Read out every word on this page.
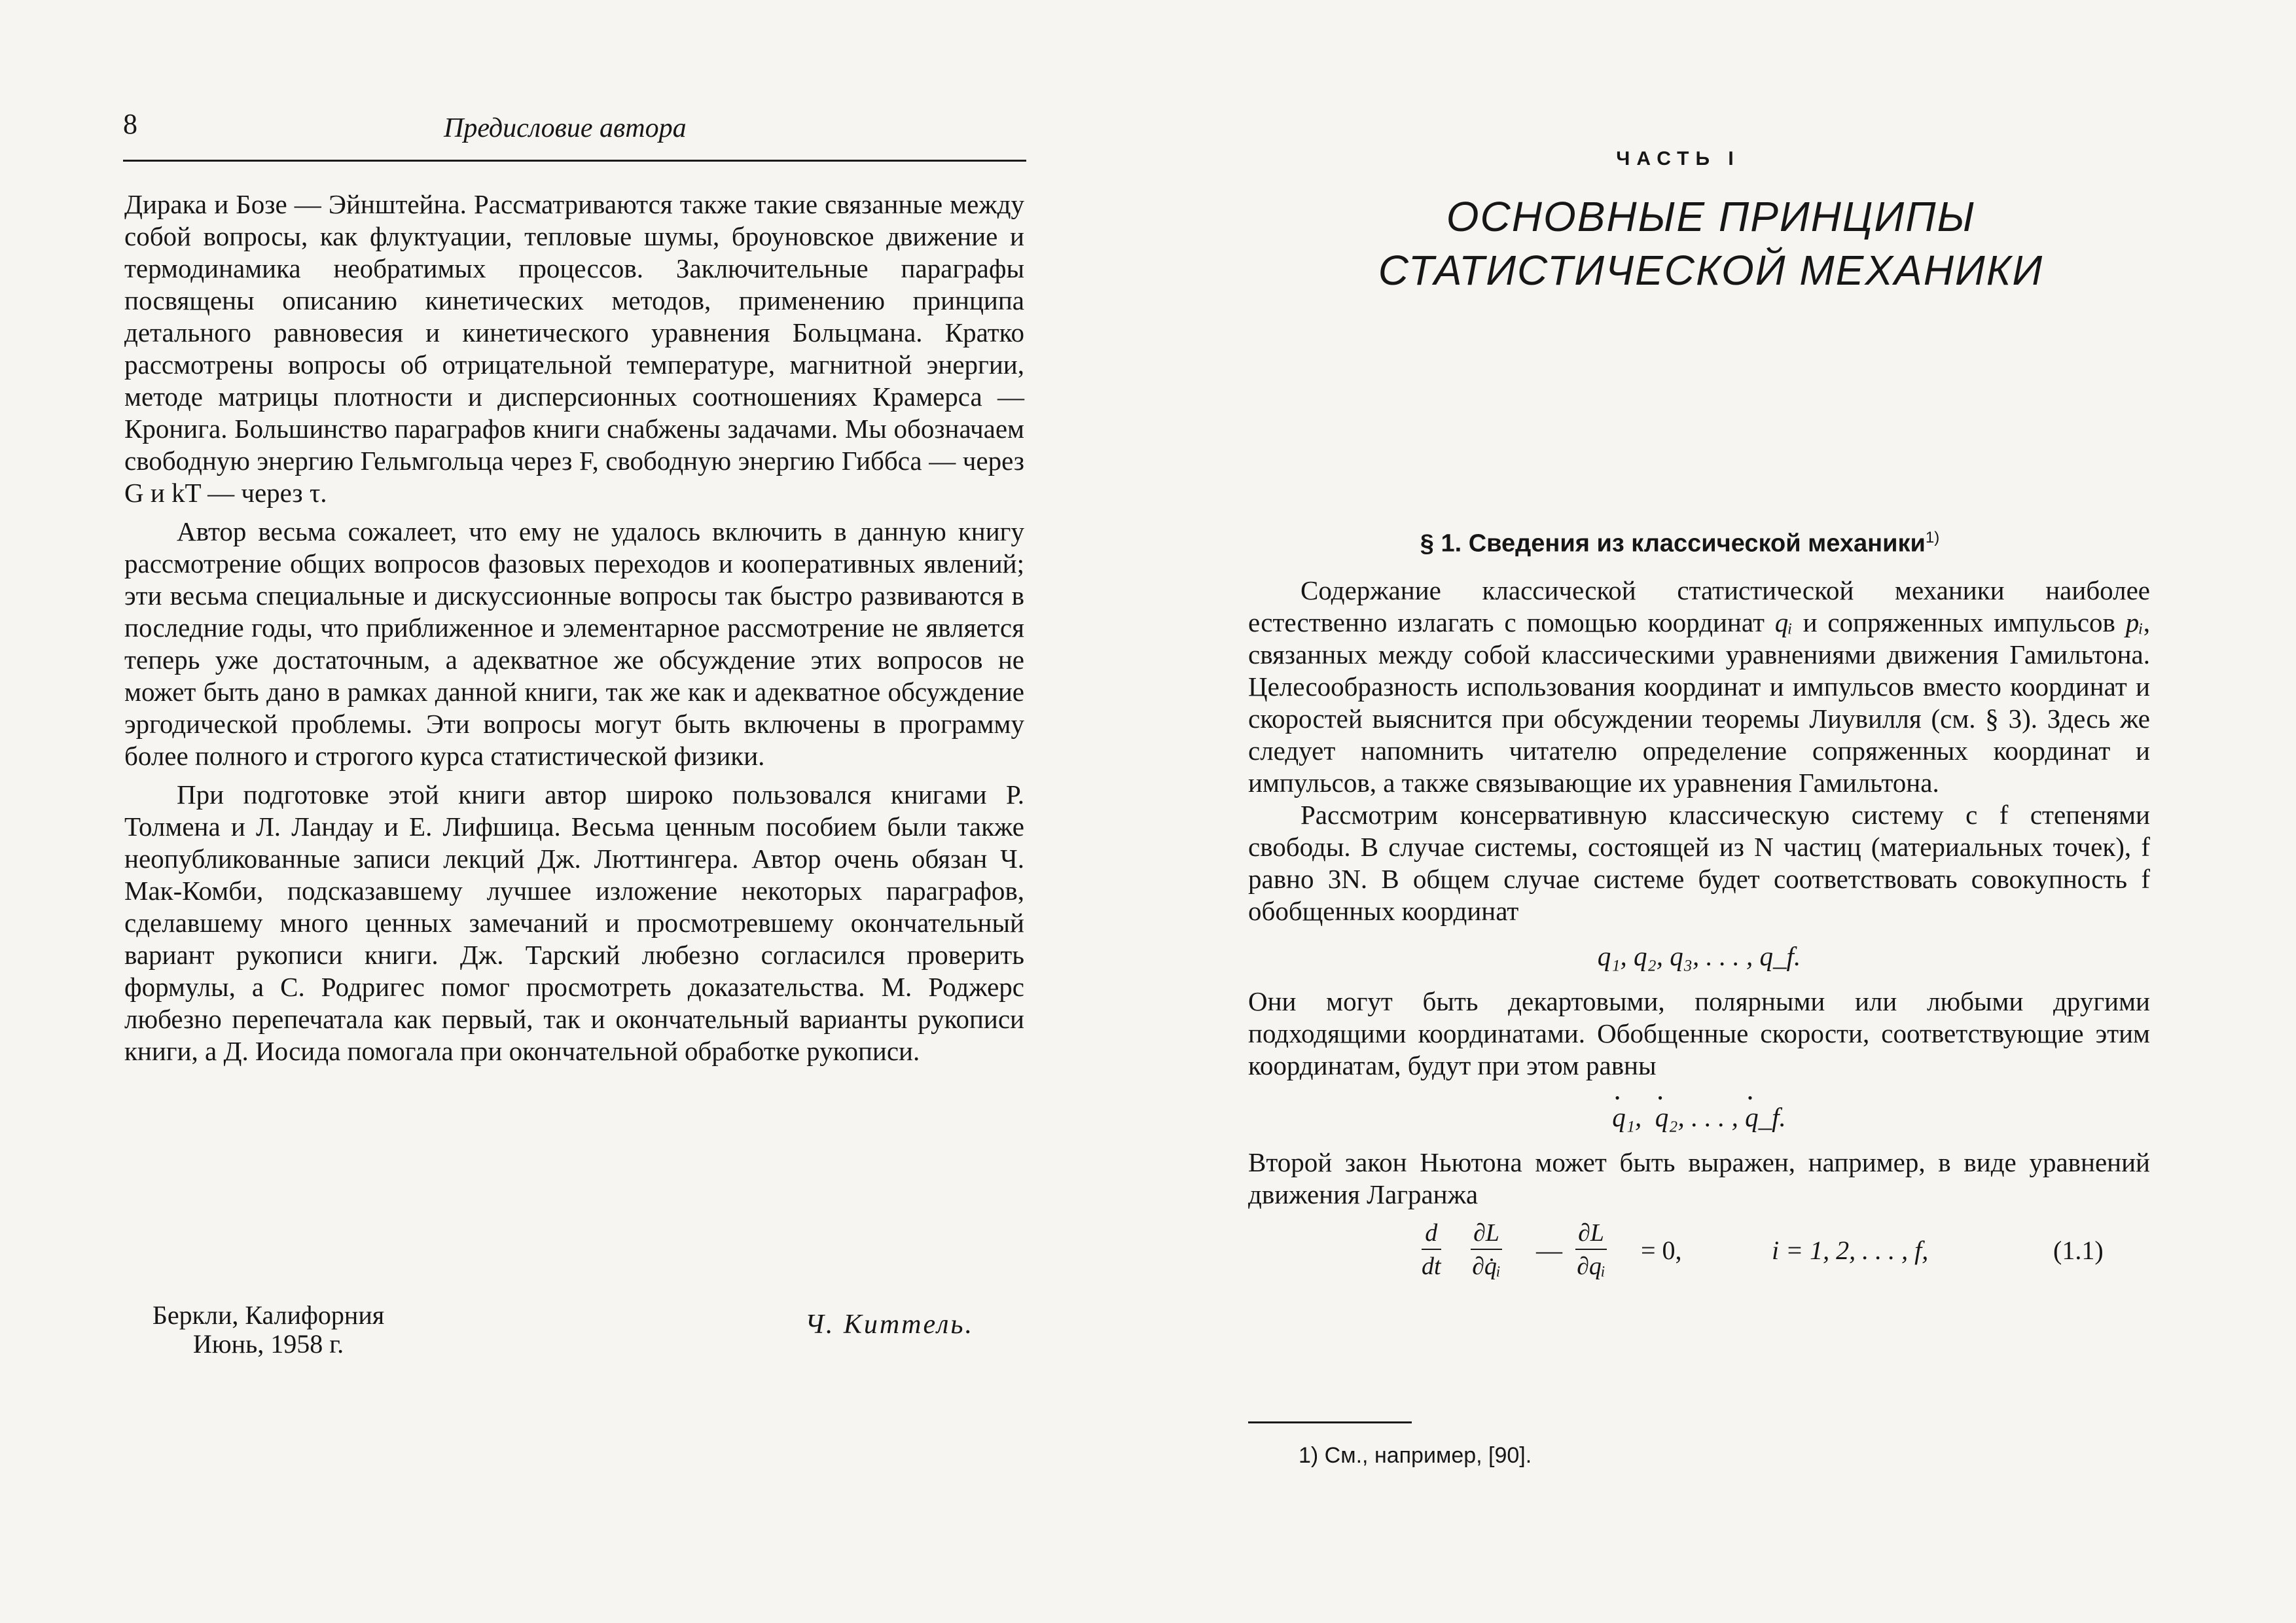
8	Предисловие автора

Дирака и Бозе — Эйнштейна. Рассматриваются также такие связанные между собой вопросы, как флуктуации, тепловые шумы, броуновское движение и термодинамика необратимых процессов. Заключительные параграфы посвящены описанию кинетических методов, применению принципа детального равновесия и кинетического уравнения Больцмана. Кратко рассмотрены вопросы об отрицательной температуре, магнитной энергии, методе матрицы плотности и дисперсионных соотношениях Крамерса — Кронига. Большинство параграфов книги снабжены задачами. Мы обозначаем свободную энергию Гельмгольца через F, свободную энергию Гиббса — через G и kT — через τ.

Автор весьма сожалеет, что ему не удалось включить в данную книгу рассмотрение общих вопросов фазовых переходов и кооперативных явлений; эти весьма специальные и дискуссионные вопросы так быстро развиваются в последние годы, что приближенное и элементарное рассмотрение не является теперь уже достаточным, а адекватное же обсуждение этих вопросов не может быть дано в рамках данной книги, так же как и адекватное обсуждение эргодической проблемы. Эти вопросы могут быть включены в программу более полного и строгого курса статистической физики.

При подготовке этой книги автор широко пользовался книгами Р. Толмена и Л. Ландау и Е. Лифшица. Весьма ценным пособием были также неопубликованные записи лекций Дж. Люттингера. Автор очень обязан Ч. Мак-Комби, подсказавшему лучшее изложение некоторых параграфов, сделавшему много ценных замечаний и просмотревшему окончательный вариант рукописи книги. Дж. Тарский любезно согласился проверить формулы, а С. Родригес помог просмотреть доказательства. М. Роджерс любезно перепечатала как первый, так и окончательный варианты рукописи книги, а Д. Иосида помогала при окончательной обработке рукописи.

Беркли, Калифорния
Июнь, 1958 г.
Ч. Киттель.
ЧАСТЬ I
ОСНОВНЫЕ ПРИНЦИПЫ
СТАТИСТИЧЕСКОЙ МЕХАНИКИ
§ 1. Сведения из классической механики$^{1)}$

Содержание классической статистической механики наиболее естественно излагать с помощью координат qᵢ и сопряженных импульсов pᵢ, связанных между собой классическими уравнениями движения Гамильтона. Целесообразность использования координат и импульсов вместо координат и скоростей выяснится при обсуждении теоремы Лиувилля (см. § 3). Здесь же следует напомнить читателю определение сопряженных координат и импульсов, а также связывающие их уравнения Гамильтона.

Рассмотрим консервативную классическую систему с f степенями свободы. В случае системы, состоящей из N частиц (материальных точек), f равно 3N. В общем случае системе будет соответствовать совокупность f обобщенных координат

q₁, q₂, q₃, . . . , q_f.

Они могут быть декартовыми, полярными или любыми другими подходящими координатами. Обобщенные скорости, соответствующие этим координатам, будут при этом равны

• q₁,  • q₂, . . . , • q_f.

Второй закон Ньютона может быть выражен, например, в виде уравнений движения Лагранжа

$\frac{d}{dt} \frac{\partial L}{\text{∂q̇ᵢ}}$ — $\frac{\partial L}{\text{∂qᵢ}} = 0$,	i = 1, 2, . . . , f,	(1.1)
1) См., например, [90].
